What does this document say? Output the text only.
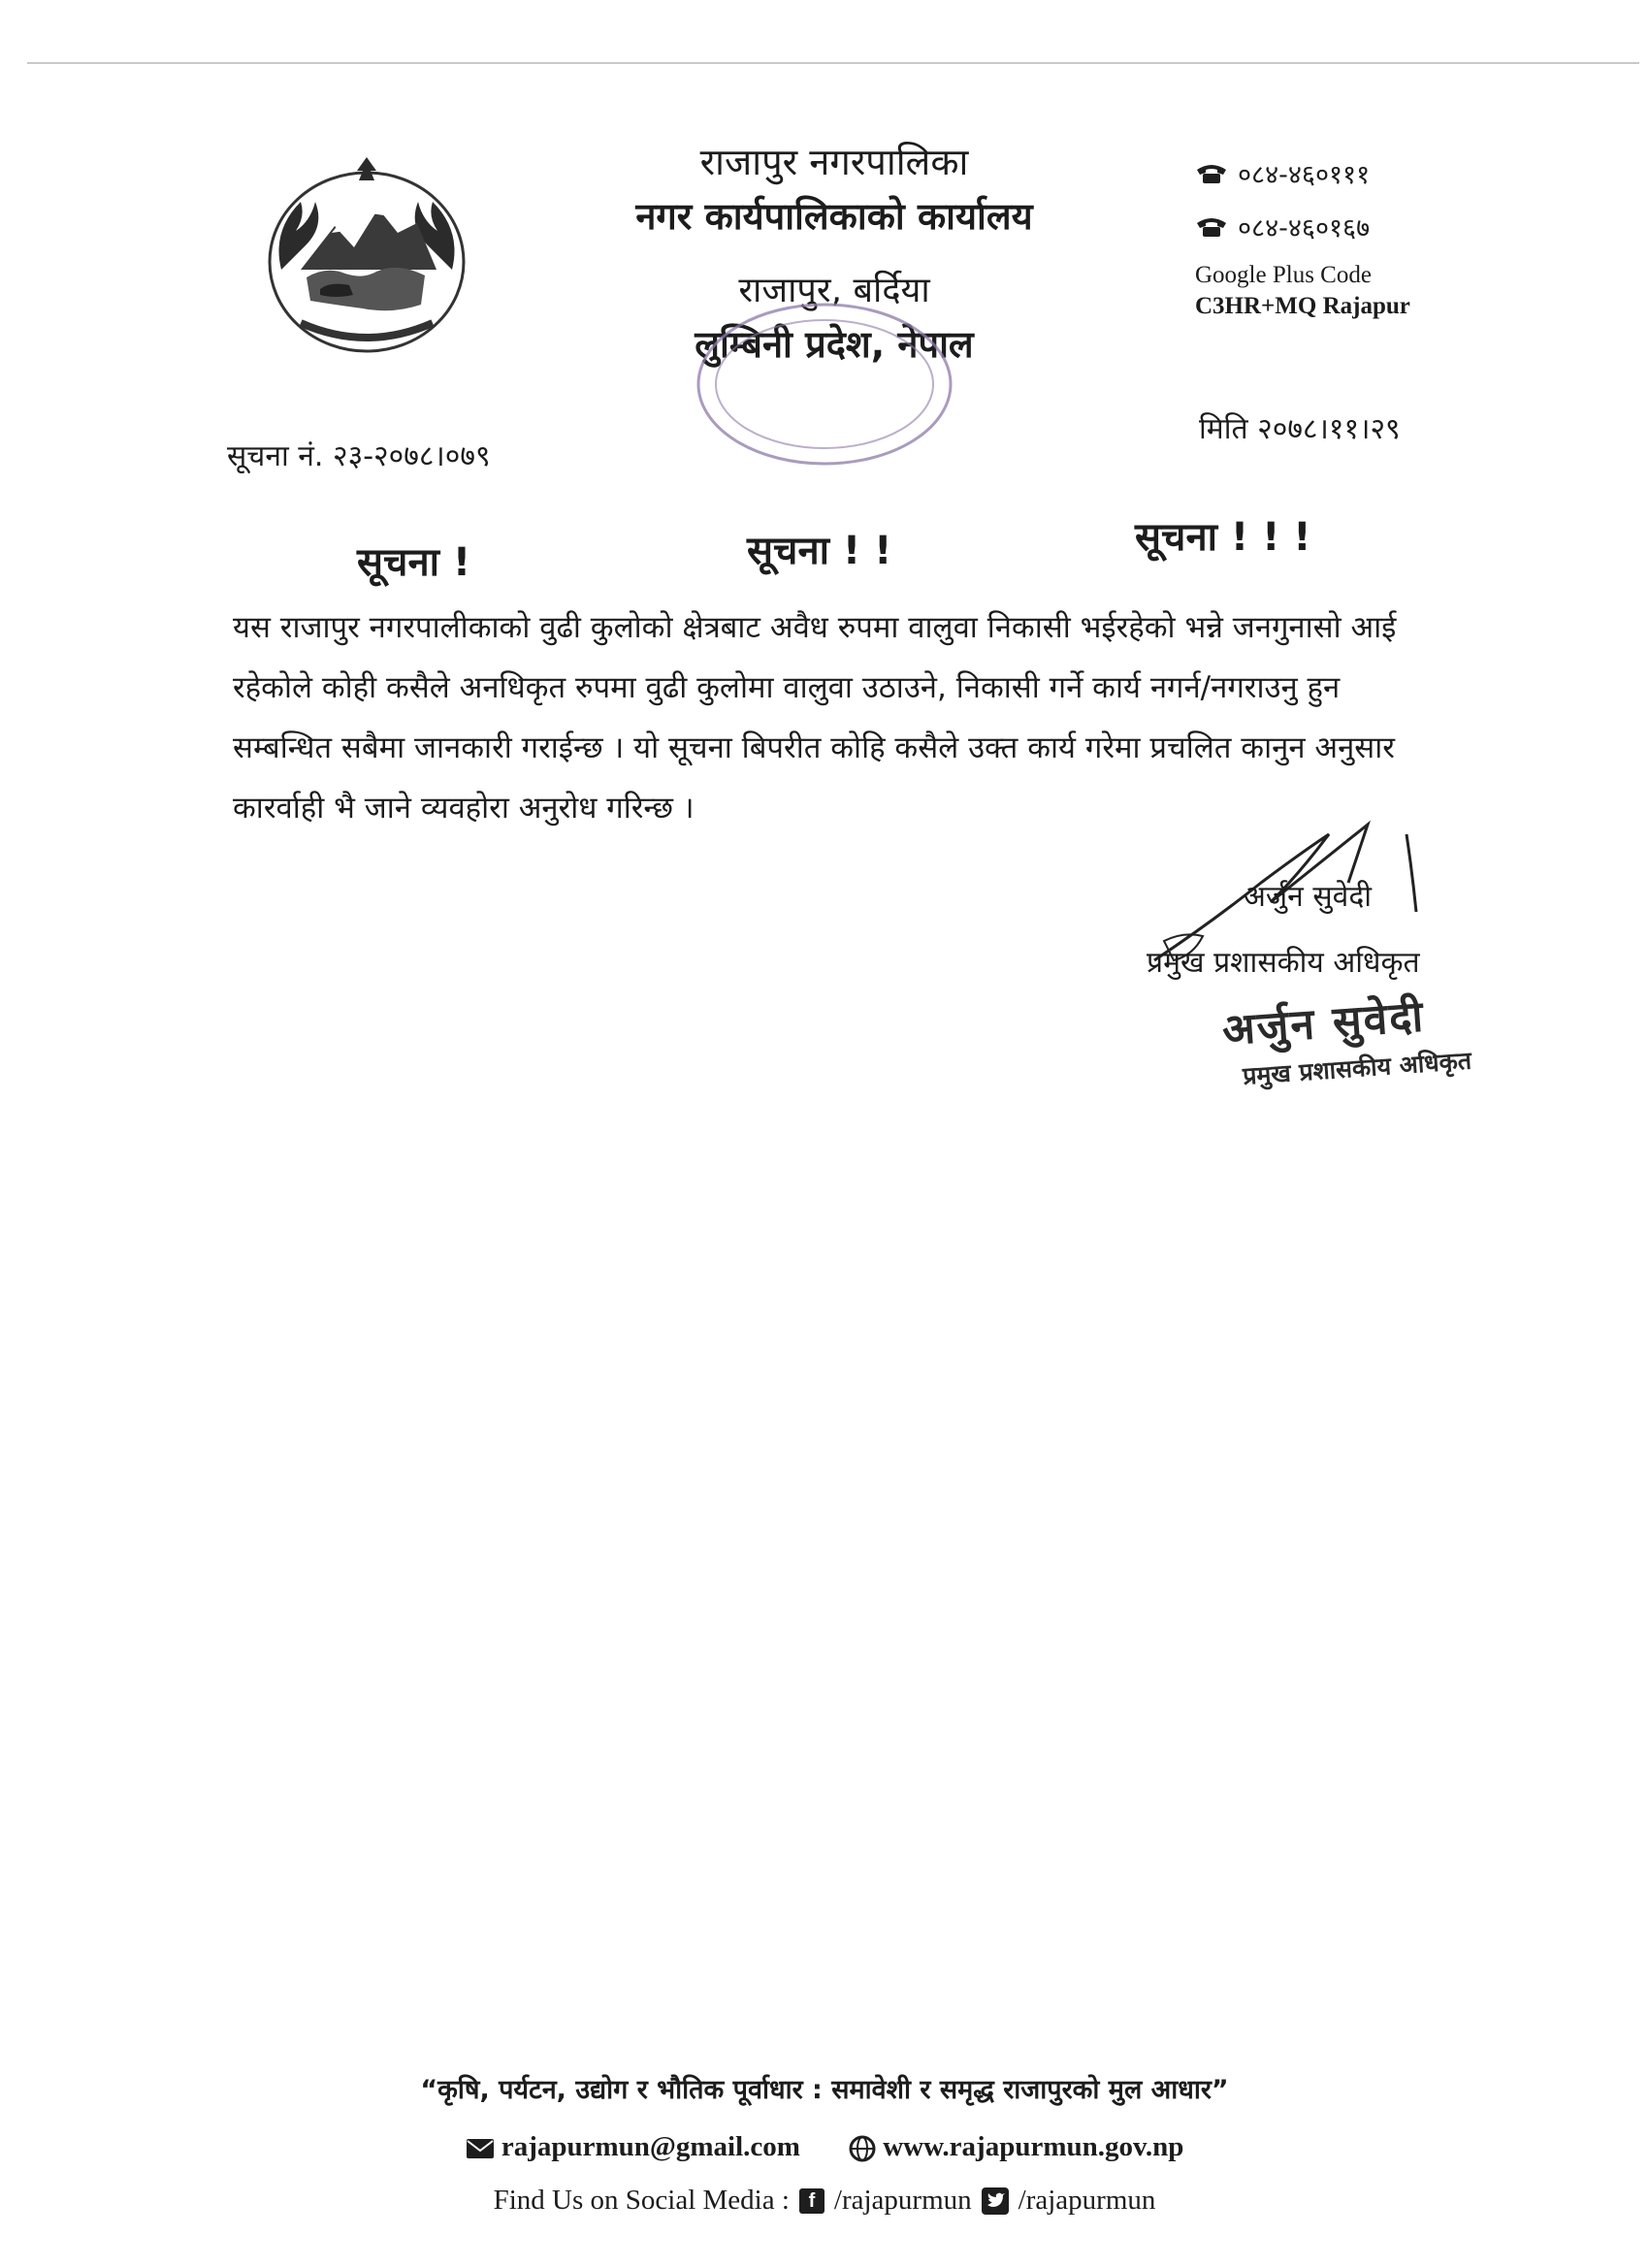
राजापुर नगरपालिका
नगर कार्यपालिकाको कार्यालय
राजापुर, बर्दिया
लुम्बिनी प्रदेश, नेपाल
०८४-४६०१११
०८४-४६०१६७
Google Plus Code
C3HR+MQ Rajapur
सूचना नं. २३-२०७८।०७९
मिति २०७८।११।२९
सूचना !	सूचना ! !	सूचना ! ! !
यस राजापुर नगरपालीकाको वुढी कुलोको क्षेत्रबाट अवैध रुपमा वालुवा निकासी भईरहेको भन्ने जनगुनासो आई
रहेकोले कोही कसैले अनधिकृत रुपमा वुढी कुलोमा वालुवा उठाउने, निकासी गर्ने कार्य नगर्न/नगराउनु हुन
सम्बन्धित सबैमा जानकारी गराईन्छ । यो सूचना बिपरीत कोहि कसैले उक्त कार्य गरेमा प्रचलित कानुन अनुसार
कारर्वाही भै जाने व्यवहोरा अनुरोध गरिन्छ ।
अर्जुन सुवेदी
प्रमुख प्रशासकीय अधिकृत
अर्जुन सुवेदी
प्रमुख प्रशासकीय अधिकृत
“कृषि, पर्यटन, उद्योग र भौतिक पूर्वाधार : समावेशी र समृद्ध राजापुरको मुल आधार”
rajapurmun@gmail.com	www.rajapurmun.gov.np
Find Us on Social Media : f /rajapurmun /rajapurmun
